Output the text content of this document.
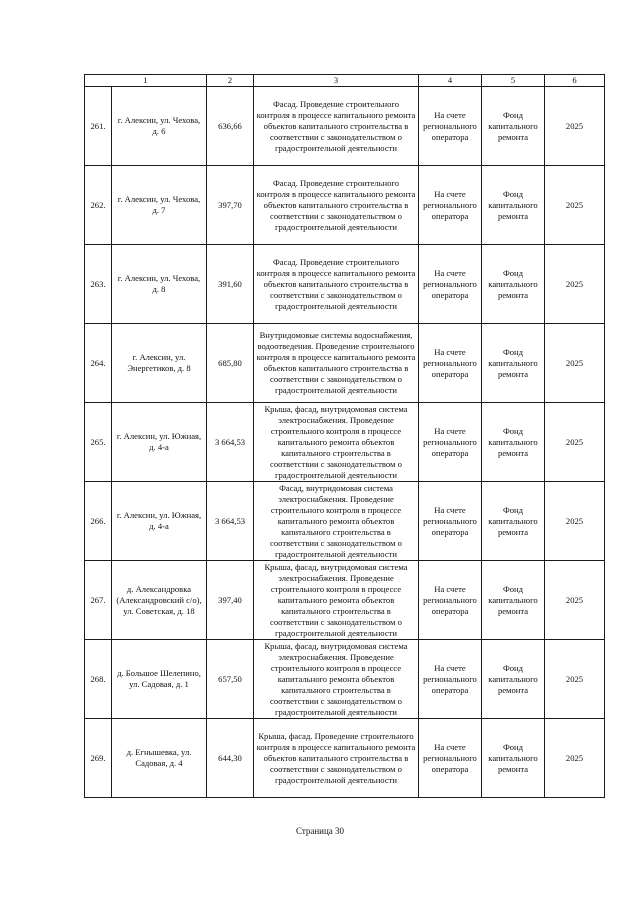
1		2	3	4	5	6
261.	г. Алексин, ул. Чехова, д. 6	636,66	Фасад. Проведение строительного контроля в процессе капитального ремонта объектов капитального строительства в соответствии с законодательством о градостроительной деятельности	На счете регионального оператора	Фонд капитального ремонта	2025
262.	г. Алексин, ул. Чехова, д. 7	397,70	Фасад. Проведение строительного контроля в процессе капитального ремонта объектов капитального строительства в соответствии с законодательством о градостроительной деятельности	На счете регионального оператора	Фонд капитального ремонта	2025
263.	г. Алексин, ул. Чехова, д. 8	391,60	Фасад. Проведение строительного контроля в процессе капитального ремонта объектов капитального строительства в соответствии с законодательством о градостроительной деятельности	На счете регионального оператора	Фонд капитального ремонта	2025
264.	г. Алексин, ул. Энергетиков, д. 8	685,80	Внутридомовые системы водоснабжения, водоотведения. Проведение строительного контроля в процессе капитального ремонта объектов капитального строительства в соответствии с законодательством о градостроительной деятельности	На счете регионального оператора	Фонд капитального ремонта	2025
265.	г. Алексин, ул. Южная, д. 4-а	3 664,53	Крыша, фасад, внутридомовая система электроснабжения. Проведение строительного контроля в процессе капитального ремонта объектов капитального строительства в соответствии с законодательством о градостроительной деятельности	На счете регионального оператора	Фонд капитального ремонта	2025
266.	г. Алексин, ул. Южная, д. 4-а	3 664,53	Фасад, внутридомовая система электроснабжения. Проведение строительного контроля в процессе капитального ремонта объектов капитального строительства в соответствии с законодательством о градостроительной деятельности	На счете регионального оператора	Фонд капитального ремонта	2025
267.	д. Александровка (Александровский с/о), ул. Советская, д. 18	397,40	Крыша, фасад, внутридомовая система электроснабжения. Проведение строительного контроля в процессе капитального ремонта объектов капитального строительства в соответствии с законодательством о градостроительной деятельности	На счете регионального оператора	Фонд капитального ремонта	2025
268.	д. Большое Шелепино, ул. Садовая, д. 1	657,50	Крыша, фасад, внутридомовая система электроснабжения. Проведение строительного контроля в процессе капитального ремонта объектов капитального строительства в соответствии с законодательством о градостроительной деятельности	На счете регионального оператора	Фонд капитального ремонта	2025
269.	д. Егнышевка, ул. Садовая, д. 4	644,30	Крыша, фасад. Проведение строительного контроля в процессе капитального ремонта объектов капитального строительства в соответствии с законодательством о градостроительной деятельности	На счете регионального оператора	Фонд капитального ремонта	2025
Страница 30
